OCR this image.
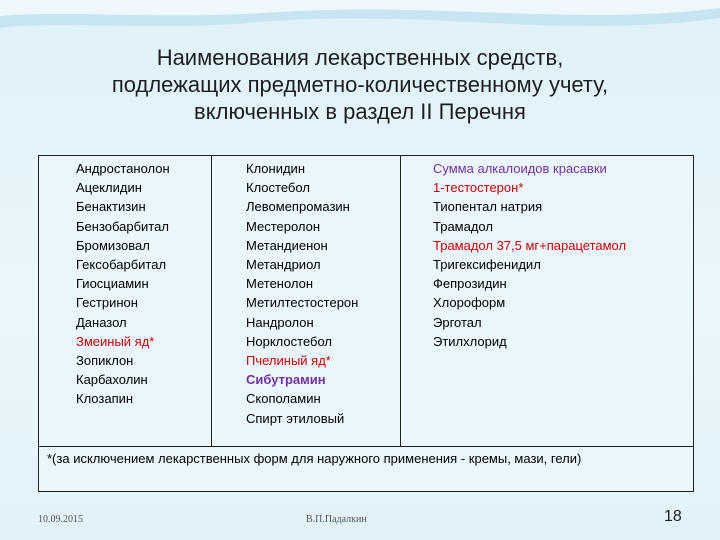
Наименования лекарственных средств,
подлежащих предметно-количественному учету,
включенных в раздел II Перечня
Андростанолон
Ацеклидин
Бенактизин
Бензобарбитал
Бромизовал
Гексобарбитал
Гиосциамин
Гестринон
Даназол
Змеиный яд*
Зопиклон
Карбахолин
Клозапин
Клонидин
Клостебол
Левомепромазин
Местеролон
Метандиенон
Метандриол
Метенолон
Метилтестостерон
Нандролон
Норклостебол
Пчелиный яд*
Сибутрамин
Скополамин
Спирт этиловый
Сумма алкалоидов красавки
1-тестостерон*
Тиопентал натрия
Трамадол
Трамадол 37,5 мг+парацетамол
Тригексифенидил
Фепрозидин
Хлороформ
Эрготал
Этилхлорид
*(за исключением лекарственных форм для наружного применения - кремы, мази, гели)
10.09.2015	В.П.Падалкин	18
